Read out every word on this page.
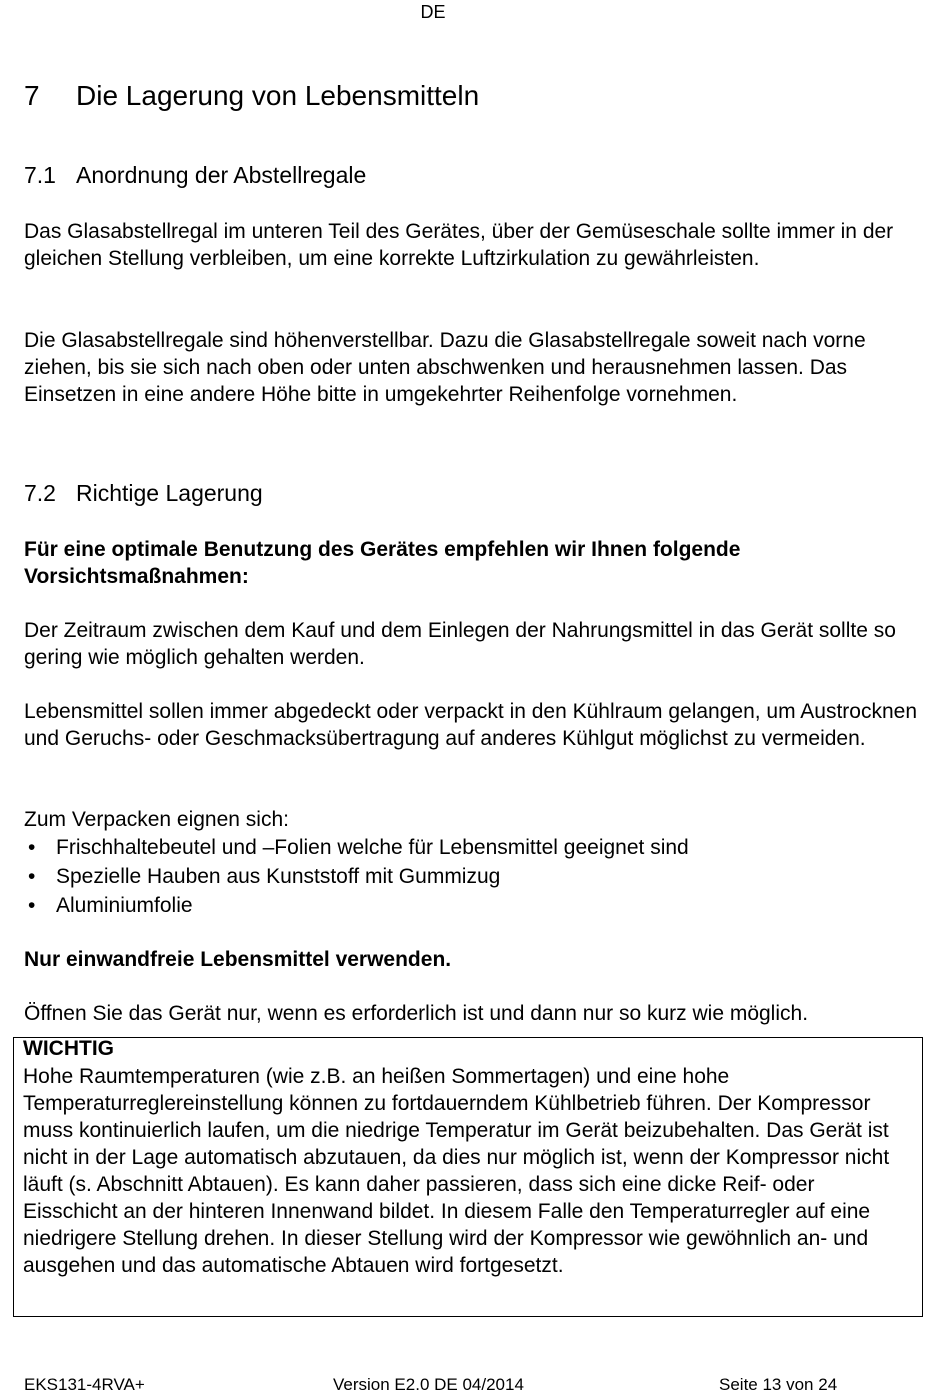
DE
7 Die Lagerung von Lebensmitteln
7.1 Anordnung der Abstellregale
Das Glasabstellregal im unteren Teil des Gerätes, über der Gemüseschale sollte immer in der gleichen Stellung verbleiben, um eine korrekte Luftzirkulation zu gewährleisten.
Die Glasabstellregale sind höhenverstellbar. Dazu die Glasabstellregale soweit nach vorne ziehen, bis sie sich nach oben oder unten abschwenken und herausnehmen lassen. Das Einsetzen in eine andere Höhe bitte in umgekehrter Reihenfolge vornehmen.
7.2 Richtige Lagerung
Für eine optimale Benutzung des Gerätes empfehlen wir Ihnen folgende Vorsichtsmaßnahmen:
Der Zeitraum zwischen dem Kauf und dem Einlegen der Nahrungsmittel in das Gerät sollte so gering wie möglich gehalten werden.
Lebensmittel sollen immer abgedeckt oder verpackt in den Kühlraum gelangen, um Austrocknen und Geruchs- oder Geschmacksübertragung auf anderes Kühlgut möglichst zu vermeiden.
Zum Verpacken eignen sich:
• Frischhaltebeutel und –Folien welche für Lebensmittel geeignet sind
• Spezielle Hauben aus Kunststoff mit Gummizug
• Aluminiumfolie
Nur einwandfreie Lebensmittel verwenden.
Öffnen Sie das Gerät nur, wenn es erforderlich ist und dann nur so kurz wie möglich.
WICHTIG
Hohe Raumtemperaturen (wie z.B. an heißen Sommertagen) und eine hohe Temperaturreglereinstellung können zu fortdauerndem Kühlbetrieb führen. Der Kompressor muss kontinuierlich laufen, um die niedrige Temperatur im Gerät beizubehalten. Das Gerät ist nicht in der Lage automatisch abzutauen, da dies nur möglich ist, wenn der Kompressor nicht läuft (s. Abschnitt Abtauen). Es kann daher passieren, dass sich eine dicke Reif- oder Eisschicht an der hinteren Innenwand bildet. In diesem Falle den Temperaturregler auf eine niedrigere Stellung drehen. In dieser Stellung wird der Kompressor wie gewöhnlich an- und ausgehen und das automatische Abtauen wird fortgesetzt.
EKS131-4RVA+	Version E2.0 DE 04/2014	Seite 13 von 24
